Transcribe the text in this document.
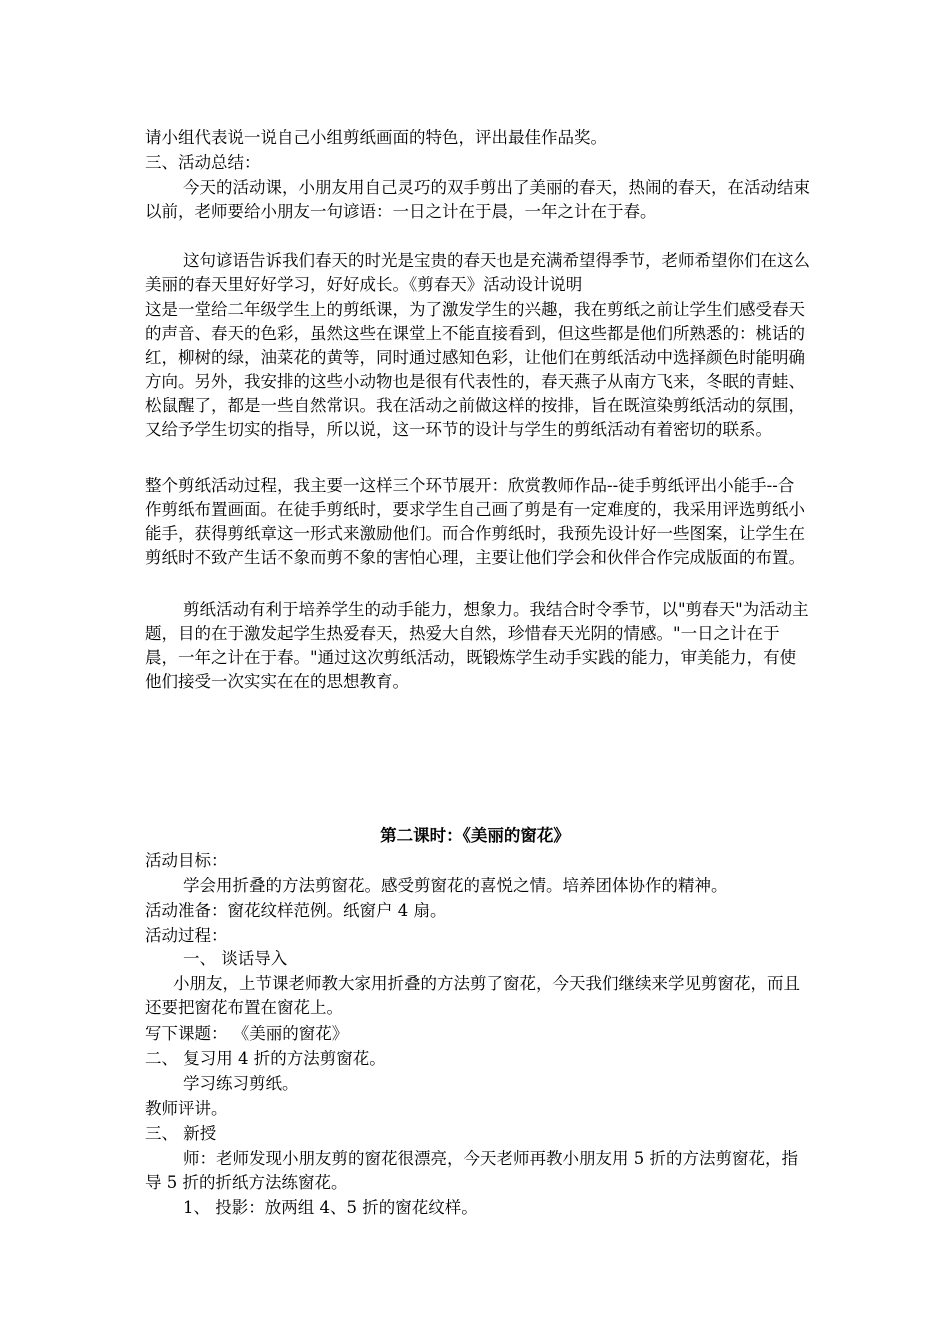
请小组代表说一说自己小组剪纸画面的特色，评出最佳作品奖。

三、活动总结：

今天的活动课，小朋友用自己灵巧的双手剪出了美丽的春天，热闹的春天，在活动结束以前，老师要给小朋友一句谚语：一日之计在于晨，一年之计在于春。

这句谚语告诉我们春天的时光是宝贵的春天也是充满希望得季节，老师希望你们在这么美丽的春天里好好学习，好好成长。《剪春天》活动设计说明

这是一堂给二年级学生上的剪纸课，为了激发学生的兴趣，我在剪纸之前让学生们感受春天的声音、春天的色彩，虽然这些在课堂上不能直接看到，但这些都是他们所熟悉的：桃话的红，柳树的绿，油菜花的黄等，同时通过感知色彩，让他们在剪纸活动中选择颜色时能明确方向。另外，我安排的这些小动物也是很有代表性的，春天燕子从南方飞来，冬眠的青蛙、松鼠醒了，都是一些自然常识。我在活动之前做这样的按排，旨在既渲染剪纸活动的氛围，又给予学生切实的指导，所以说，这一环节的设计与学生的剪纸活动有着密切的联系。

整个剪纸活动过程，我主要一这样三个环节展开：欣赏教师作品--徒手剪纸评出小能手--合作剪纸布置画面。在徒手剪纸时，要求学生自己画了剪是有一定难度的，我采用评选剪纸小能手，获得剪纸章这一形式来激励他们。而合作剪纸时，我预先设计好一些图案，让学生在剪纸时不致产生话不象而剪不象的害怕心理，主要让他们学会和伙伴合作完成版面的布置。

剪纸活动有利于培养学生的动手能力，想象力。我结合时令季节，以"剪春天"为活动主题，目的在于激发起学生热爱春天，热爱大自然，珍惜春天光阴的情感。"一日之计在于晨，一年之计在于春。"通过这次剪纸活动，既锻炼学生动手实践的能力，审美能力，有使他们接受一次实实在在的思想教育。

第二课时：《美丽的窗花》

活动目标：

学会用折叠的方法剪窗花。感受剪窗花的喜悦之情。培养团体协作的精神。

活动准备：窗花纹样范例。纸窗户 4 扇。

活动过程：

一、 谈话导入

小朋友，上节课老师教大家用折叠的方法剪了窗花，今天我们继续来学见剪窗花，而且还要把窗花布置在窗花上。

写下课题： 《美丽的窗花》

二、 复习用 4 折的方法剪窗花。

学习练习剪纸。

教师评讲。

三、 新授

师：老师发现小朋友剪的窗花很漂亮，今天老师再教小朋友用 5 折的方法剪窗花，指导 5 折的折纸方法练窗花。

1、 投影：放两组 4、5 折的窗花纹样。
